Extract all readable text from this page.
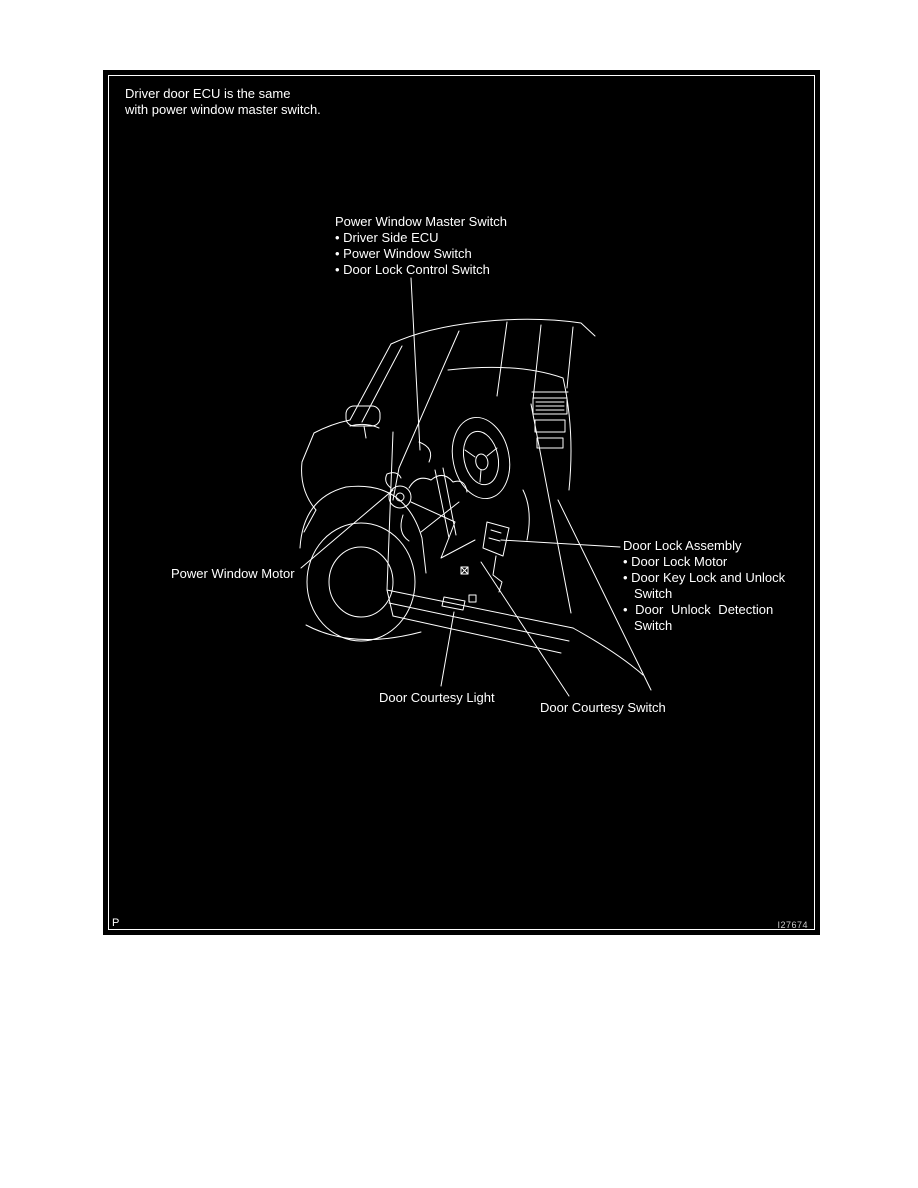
Driver door ECU is the same
with power window master switch.
Power Window Master Switch
• Driver Side ECU
• Power Window Switch
• Door Lock Control Switch
Power Window Motor
Door Lock Assembly
• Door Lock Motor
• Door Key Lock and Unlock
Switch
• Door Unlock Detection
Switch
Door Courtesy Light
Door Courtesy Switch
P	I27674
